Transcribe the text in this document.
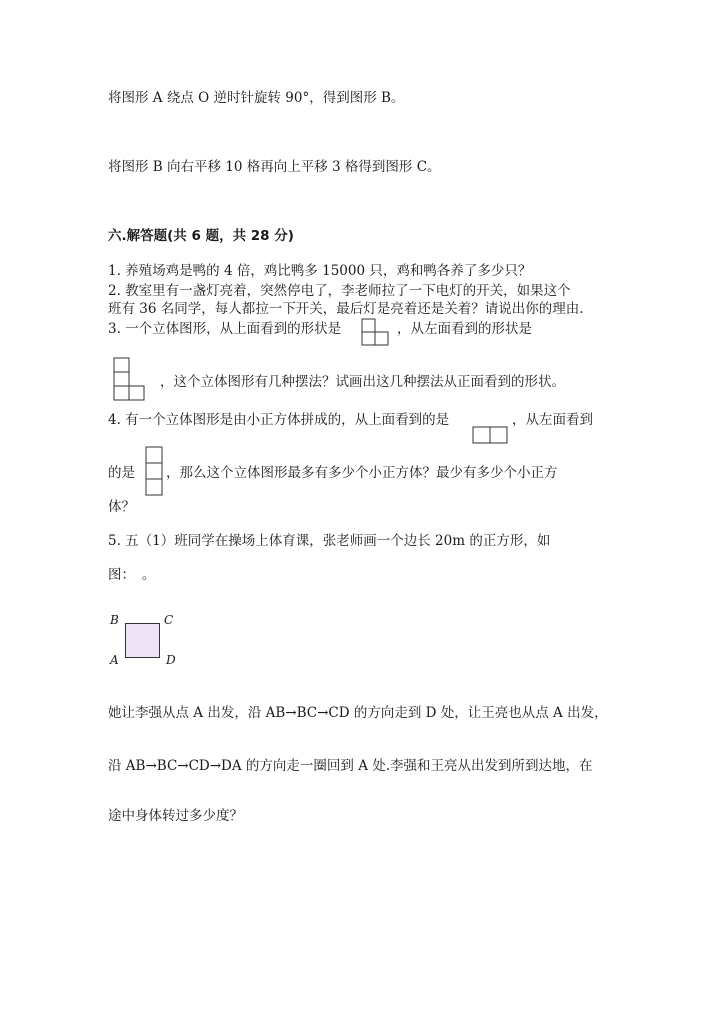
将图形 A 绕点 O 逆时针旋转 90°，得到图形 B。
将图形 B 向右平移 10 格再向上平移 3 格得到图形 C。
六.解答题(共 6 题，共 28 分)
1. 养殖场鸡是鸭的 4 倍，鸡比鸭多 15000 只，鸡和鸭各养了多少只？
2. 教室里有一盏灯亮着，突然停电了，李老师拉了一下电灯的开关，如果这个
班有 36 名同学，每人都拉一下开关，最后灯是亮着还是关着？请说出你的理由.
3. 一个立体图形，从上面看到的形状是	，从左面看到的形状是
，这个立体图形有几种摆法？试画出这几种摆法从正面看到的形状。
4. 有一个立体图形是由小正方体拼成的，从上面看到的是	，从左面看到
的是 ，那么这个立体图形最多有多少个小正方体？最少有多少个小正方
体？
5. 五（1）班同学在操场上体育课，张老师画一个边长 20m 的正方形，如
图：　。
B	C
A	D
她让李强从点 A 出发，沿 AB→BC→CD 的方向走到 D 处，让王亮也从点 A 出发，
沿 AB→BC→CD→DA 的方向走一圈回到 A 处.李强和王亮从出发到所到达地，在
途中身体转过多少度？
